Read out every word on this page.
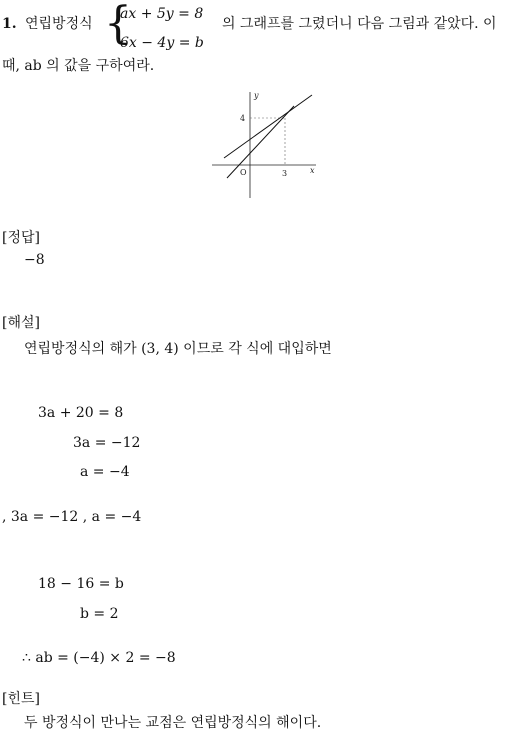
1. 연립방정식 {
ax + 5y = 8
6x − 4y = b
의 그래프를 그렸더니 다음 그림과 같았다. 이
때, ab 의 값을 구하여라.
y
x
O
4
3
[정답]
−8
[해설]
연립방정식의 해가 (3, 4) 이므로 각 식에 대입하면
3a + 20 = 8
3a = −12
a = −4
, 3a = −12 , a = −4
18 − 16 = b
b = 2
∴ ab = (−4) × 2 = −8
[힌트]
두 방정식이 만나는 교점은 연립방정식의 해이다.
